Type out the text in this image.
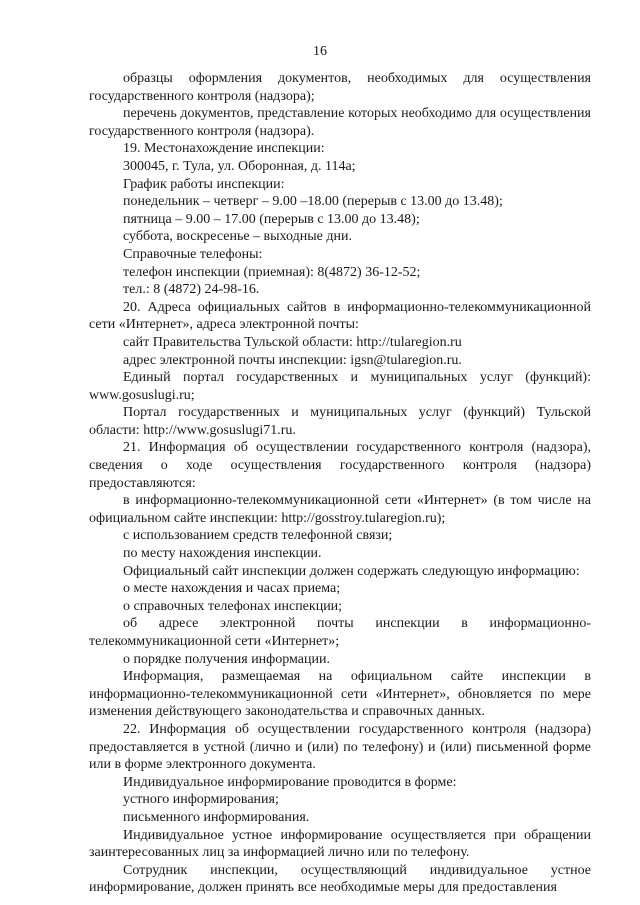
16

образцы оформления документов, необходимых для осуществления государственного контроля (надзора);

перечень документов, представление которых необходимо для осуществления государственного контроля (надзора).

19. Местонахождение инспекции:

300045, г. Тула, ул. Оборонная, д. 114а;

График работы инспекции:

понедельник – четверг – 9.00 –18.00 (перерыв с 13.00 до 13.48);

пятница – 9.00 – 17.00 (перерыв с 13.00 до 13.48);

суббота, воскресенье – выходные дни.

Справочные телефоны:

телефон инспекции (приемная): 8(4872) 36-12-52;

тел.: 8 (4872) 24-98-16.

20. Адреса официальных сайтов в информационно-телекоммуникационной сети «Интернет», адреса электронной почты:

сайт Правительства Тульской области: http://tularegion.ru

адрес электронной почты инспекции: igsn@tularegion.ru.

Единый портал государственных и муниципальных услуг (функций): www.gosuslugi.ru;

Портал государственных и муниципальных услуг (функций) Тульской области: http://www.gosuslugi71.ru.

21. Информация об осуществлении государственного контроля (надзора), сведения о ходе осуществления государственного контроля (надзора) предоставляются:

в информационно-телекоммуникационной сети «Интернет» (в том числе на официальном сайте инспекции: http://gosstroy.tularegion.ru);

с использованием средств телефонной связи;

по месту нахождения инспекции.

Официальный сайт инспекции должен содержать следующую информацию:

о месте нахождения и часах приема;

о справочных телефонах инспекции;

об адресе электронной почты инспекции в информационно-телекоммуникационной сети «Интернет»;

о порядке получения информации.

Информация, размещаемая на официальном сайте инспекции в информационно-телекоммуникационной сети «Интернет», обновляется по мере изменения действующего законодательства и справочных данных.

22. Информация об осуществлении государственного контроля (надзора) предоставляется в устной (лично и (или) по телефону) и (или) письменной форме или в форме электронного документа.

Индивидуальное информирование проводится в форме:

устного информирования;

письменного информирования.

Индивидуальное устное информирование осуществляется при обращении заинтересованных лиц за информацией лично или по телефону.

Сотрудник инспекции, осуществляющий индивидуальное устное информирование, должен принять все необходимые меры для предоставления
